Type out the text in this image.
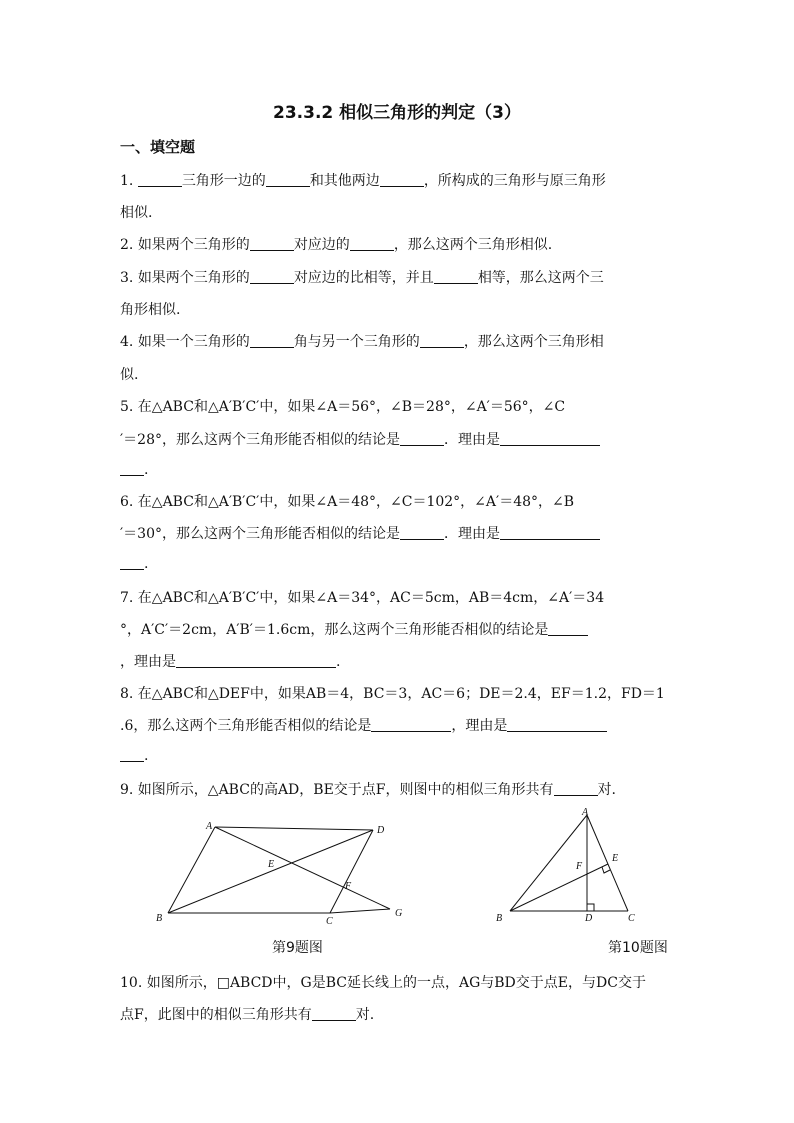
23.3.2 相似三角形的判定（3）
一、填空题
1.	三角形一边的	和其他两边	，所构成的三角形与原三角形
相似.
2. 如果两个三角形的	对应边的	，那么这两个三角形相似.
3. 如果两个三角形的	对应边的比相等，并且	相等，那么这两个三
角形相似.
4. 如果一个三角形的	角与另一个三角形的	，那么这两个三角形相
似.
5. 在△ABC和△A′B′C′中，如果∠A＝56°，∠B＝28°，∠A′＝56°，∠C
′＝28°，那么这两个三角形能否相似的结论是	．理由是
.
6. 在△ABC和△A′B′C′中，如果∠A＝48°，∠C＝102°，∠A′＝48°，∠B
′＝30°，那么这两个三角形能否相似的结论是	．理由是
.
7. 在△ABC和△A′B′C′中，如果∠A＝34°，AC＝5cm，AB＝4cm，∠A′＝34
°，A′C′＝2cm，A′B′＝1.6cm，那么这两个三角形能否相似的结论是
，理由是	.
8. 在△ABC和△DEF中，如果AB＝4，BC＝3，AC＝6；DE＝2.4，EF＝1.2，FD＝1
.6，那么这两个三角形能否相似的结论是	，理由是
.
9. 如图所示，△ABC的高AD，BE交于点F，则图中的相似三角形共有	对.
A	D
E
F
B	C
G
第9题图
A
E
F
B	D	C
第10题图
10. 如图所示，□ABCD中，G是BC延长线上的一点，AG与BD交于点E，与DC交于
点F，此图中的相似三角形共有	对.
